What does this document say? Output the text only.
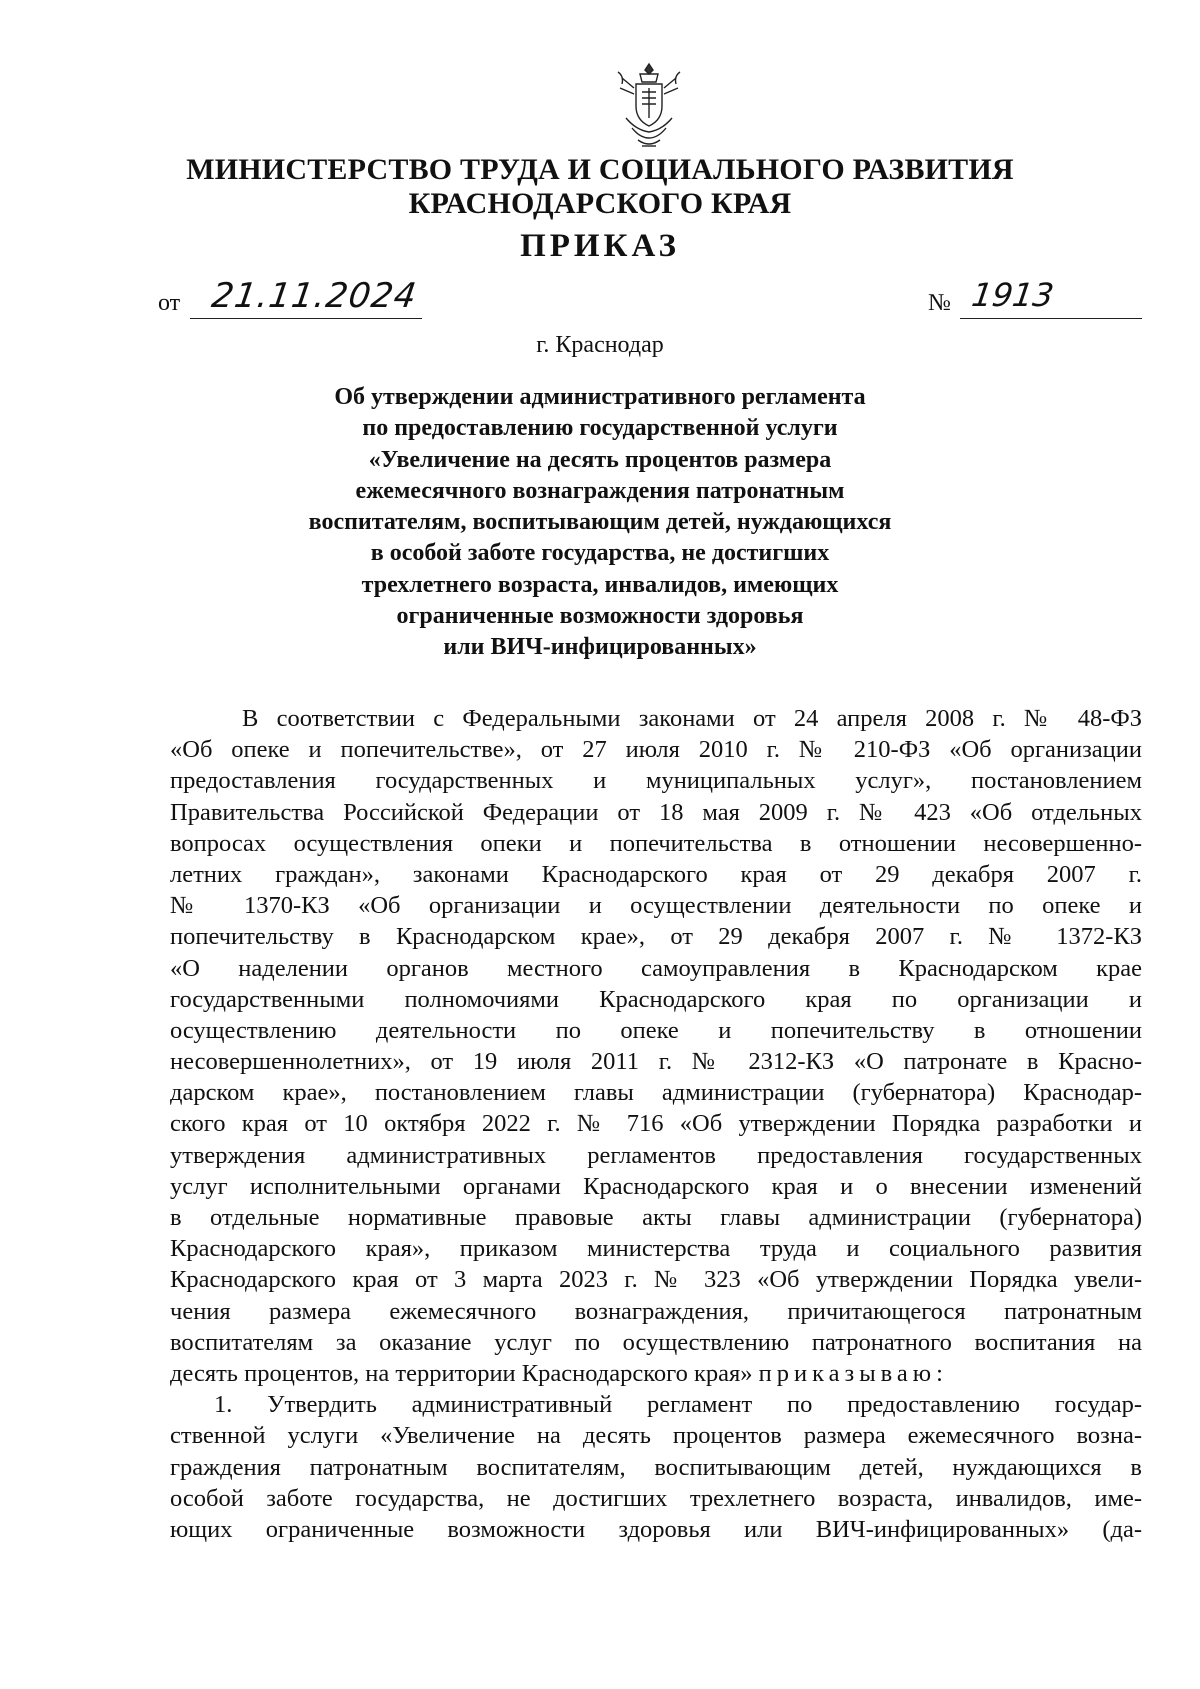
МИНИСТЕРСТВО ТРУДА И СОЦИАЛЬНОГО РАЗВИТИЯ
КРАСНОДАРСКОГО КРАЯ
ПРИКАЗ
от 21.11.2024	№ 1913
г. Краснодар
Об утверждении административного регламента
по предоставлению государственной услуги
«Увеличение на десять процентов размера
ежемесячного вознаграждения патронатным
воспитателям, воспитывающим детей, нуждающихся
в особой заботе государства, не достигших
трехлетнего возраста, инвалидов, имеющих
ограниченные возможности здоровья
или ВИЧ-инфицированных»
В соответствии с Федеральными законами от 24 апреля 2008 г. № 48-ФЗ
«Об опеке и попечительстве», от 27 июля 2010 г. № 210-ФЗ «Об организации
предоставления государственных и муниципальных услуг», постановлением
Правительства Российской Федерации от 18 мая 2009 г. № 423 «Об отдельных
вопросах осуществления опеки и попечительства в отношении несовершенно-
летних граждан», законами Краснодарского края от 29 декабря 2007 г.
№ 1370-КЗ «Об организации и осуществлении деятельности по опеке и
попечительству в Краснодарском крае», от 29 декабря 2007 г. № 1372-КЗ
«О наделении органов местного самоуправления в Краснодарском крае
государственными полномочиями Краснодарского края по организации и
осуществлению деятельности по опеке и попечительству в отношении
несовершеннолетних», от 19 июля 2011 г. № 2312-КЗ «О патронате в Красно-
дарском крае», постановлением главы администрации (губернатора) Краснодар-
ского края от 10 октября 2022 г. № 716 «Об утверждении Порядка разработки и
утверждения административных регламентов предоставления государственных
услуг исполнительными органами Краснодарского края и о внесении изменений
в отдельные нормативные правовые акты главы администрации (губернатора)
Краснодарского края», приказом министерства труда и социального развития
Краснодарского края от 3 марта 2023 г. № 323 «Об утверждении Порядка увели-
чения размера ежемесячного вознаграждения, причитающегося патронатным
воспитателям за оказание услуг по осуществлению патронатного воспитания на
десять процентов, на территории Краснодарского края» приказываю:
1. Утвердить административный регламент по предоставлению государ-
ственной услуги «Увеличение на десять процентов размера ежемесячного возна-
граждения патронатным воспитателям, воспитывающим детей, нуждающихся в
особой заботе государства, не достигших трехлетнего возраста, инвалидов, име-
ющих ограниченные возможности здоровья или ВИЧ-инфицированных» (да-
